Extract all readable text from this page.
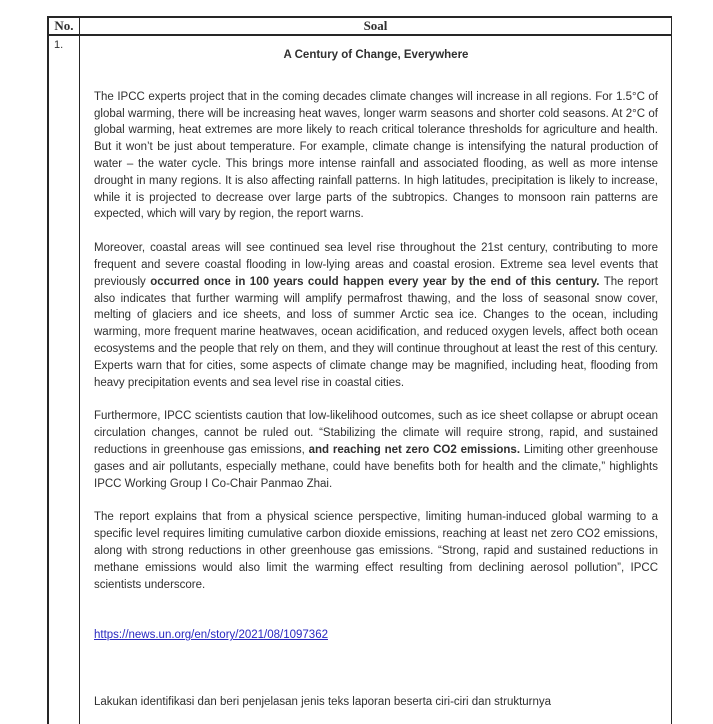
No.	Soal
1.
A Century of Change, Everywhere
The IPCC experts project that in the coming decades climate changes will increase in all regions. For 1.5°C of global warming, there will be increasing heat waves, longer warm seasons and shorter cold seasons. At 2°C of global warming, heat extremes are more likely to reach critical tolerance thresholds for agriculture and health. But it won’t be just about temperature. For example, climate change is intensifying the natural production of water – the water cycle. This brings more intense rainfall and associated flooding, as well as more intense drought in many regions. It is also affecting rainfall patterns. In high latitudes, precipitation is likely to increase, while it is projected to decrease over large parts of the subtropics. Changes to monsoon rain patterns are expected, which will vary by region, the report warns.
Moreover, coastal areas will see continued sea level rise throughout the 21st century, contributing to more frequent and severe coastal flooding in low-lying areas and coastal erosion. Extreme sea level events that previously occurred once in 100 years could happen every year by the end of this century. The report also indicates that further warming will amplify permafrost thawing, and the loss of seasonal snow cover, melting of glaciers and ice sheets, and loss of summer Arctic sea ice. Changes to the ocean, including warming, more frequent marine heatwaves, ocean acidification, and reduced oxygen levels, affect both ocean ecosystems and the people that rely on them, and they will continue throughout at least the rest of this century. Experts warn that for cities, some aspects of climate change may be magnified, including heat, flooding from heavy precipitation events and sea level rise in coastal cities.
Furthermore, IPCC scientists caution that low-likelihood outcomes, such as ice sheet collapse or abrupt ocean circulation changes, cannot be ruled out. “Stabilizing the climate will require strong, rapid, and sustained reductions in greenhouse gas emissions, and reaching net zero CO2 emissions. Limiting other greenhouse gases and air pollutants, especially methane, could have benefits both for health and the climate,” highlights IPCC Working Group I Co-Chair Panmao Zhai.
The report explains that from a physical science perspective, limiting human-induced global warming to a specific level requires limiting cumulative carbon dioxide emissions, reaching at least net zero CO2 emissions, along with strong reductions in other greenhouse gas emissions. “Strong, rapid and sustained reductions in methane emissions would also limit the warming effect resulting from declining aerosol pollution”, IPCC scientists underscore.
https://news.un.org/en/story/2021/08/1097362
Lakukan identifikasi dan beri penjelasan jenis teks laporan beserta ciri-ciri dan strukturnya
